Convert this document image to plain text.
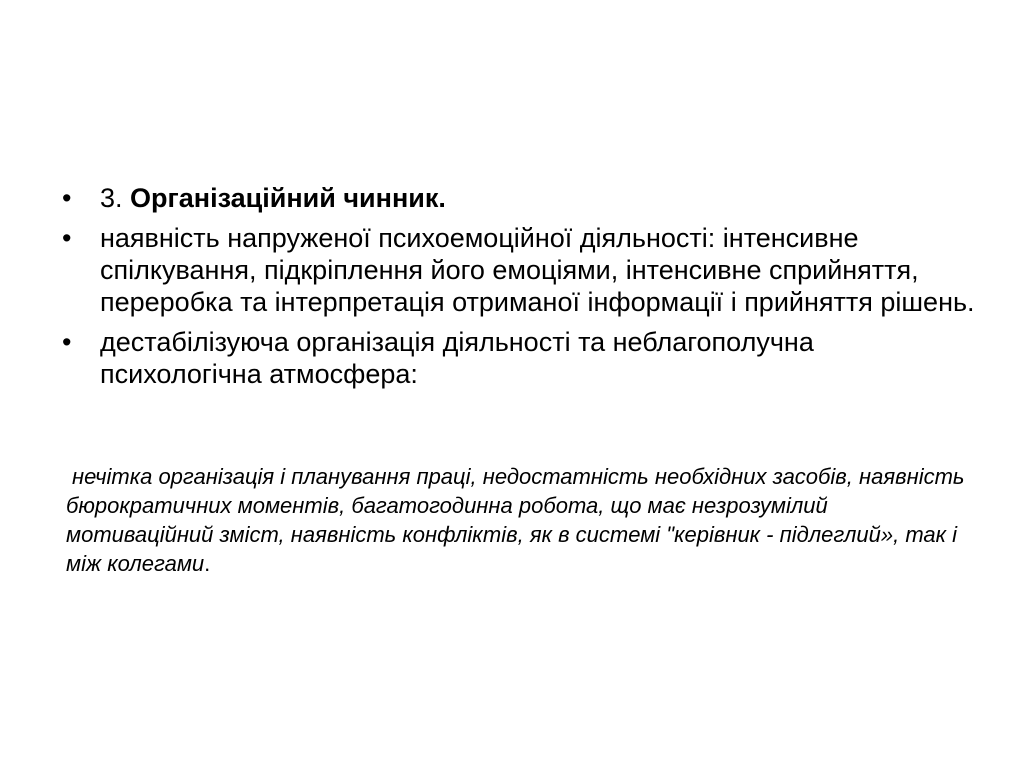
•	3. Організаційний чинник.
•	наявність напруженої психоемоційної діяльності: інтенсивне спілкування, підкріплення його емоціями, інтенсивне сприйняття, переробка та інтерпретація отриманої інформації і прийняття рішень.
•	дестабілізуюча організація діяльності та неблагополучна психологічна атмосфера:

нечітка організація і планування праці, недостатність необхідних засобів, наявність бюрократичних моментів, багатогодинна робота, що має незрозумілий мотиваційний зміст, наявність конфліктів, як в системі "керівник - підлеглий», так і між колегами.
